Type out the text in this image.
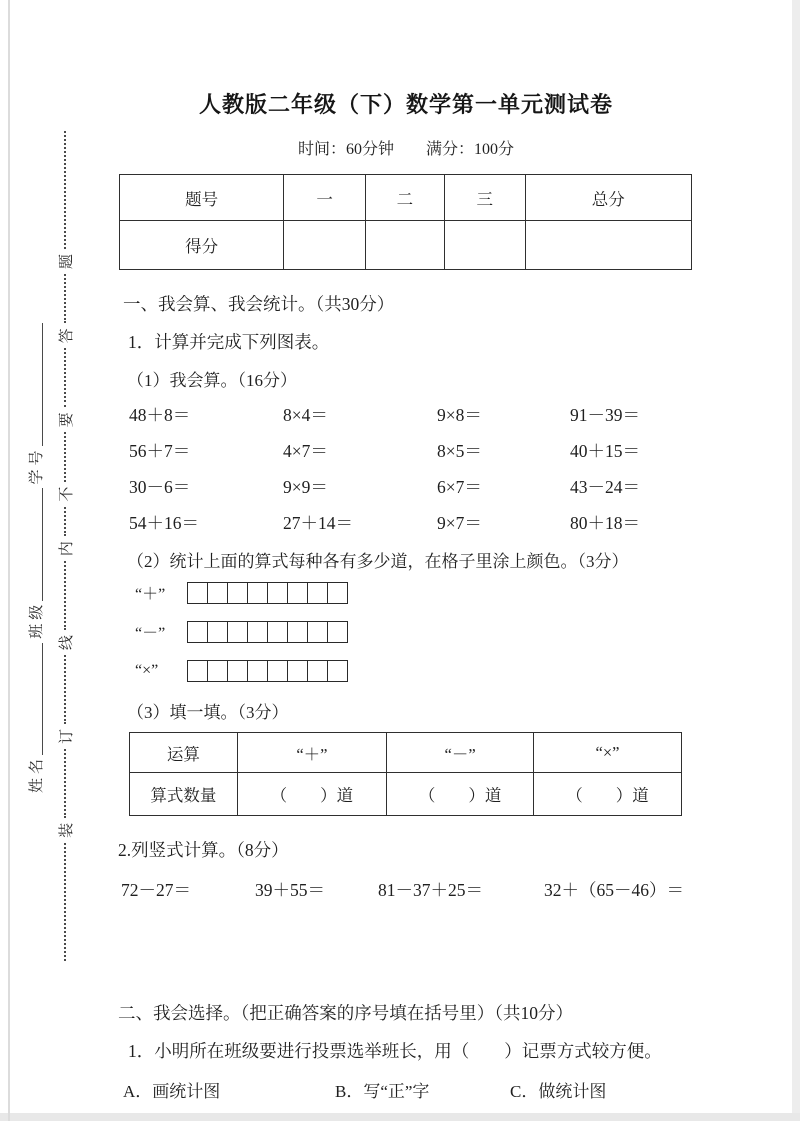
装
订
线
内
不
要
答
题
姓名
班级
学号
人教版二年级（下）数学第一单元测试卷
时间：60分钟 满分：100分
题号	一	二	三	总分
得分				
一、我会算、我会统计。（共30分）
1．计算并完成下列图表。
（1）我会算。（16分）
48＋8＝	8×4＝	9×8＝	91－39＝
56＋7＝	4×7＝	8×5＝	40＋15＝
30－6＝	9×9＝	6×7＝	43－24＝
54＋16＝	27＋14＝	9×7＝	80＋18＝
（2）统计上面的算式每种各有多少道，在格子里涂上颜色。（3分）
“＋”
“－”
“×”
（3）填一填。（3分）
运算	“＋”	“－”	“×”
算式数量	（　　）道	（　　）道	（　　）道
2.列竖式计算。（8分）
72－27＝	39＋55＝	81－37＋25＝	32＋（65－46）＝
二、我会选择。（把正确答案的序号填在括号里）（共10分）
1．小明所在班级要进行投票选举班长，用（　　）记票方式较方便。
A．画统计图	B．写“正”字	C．做统计图
